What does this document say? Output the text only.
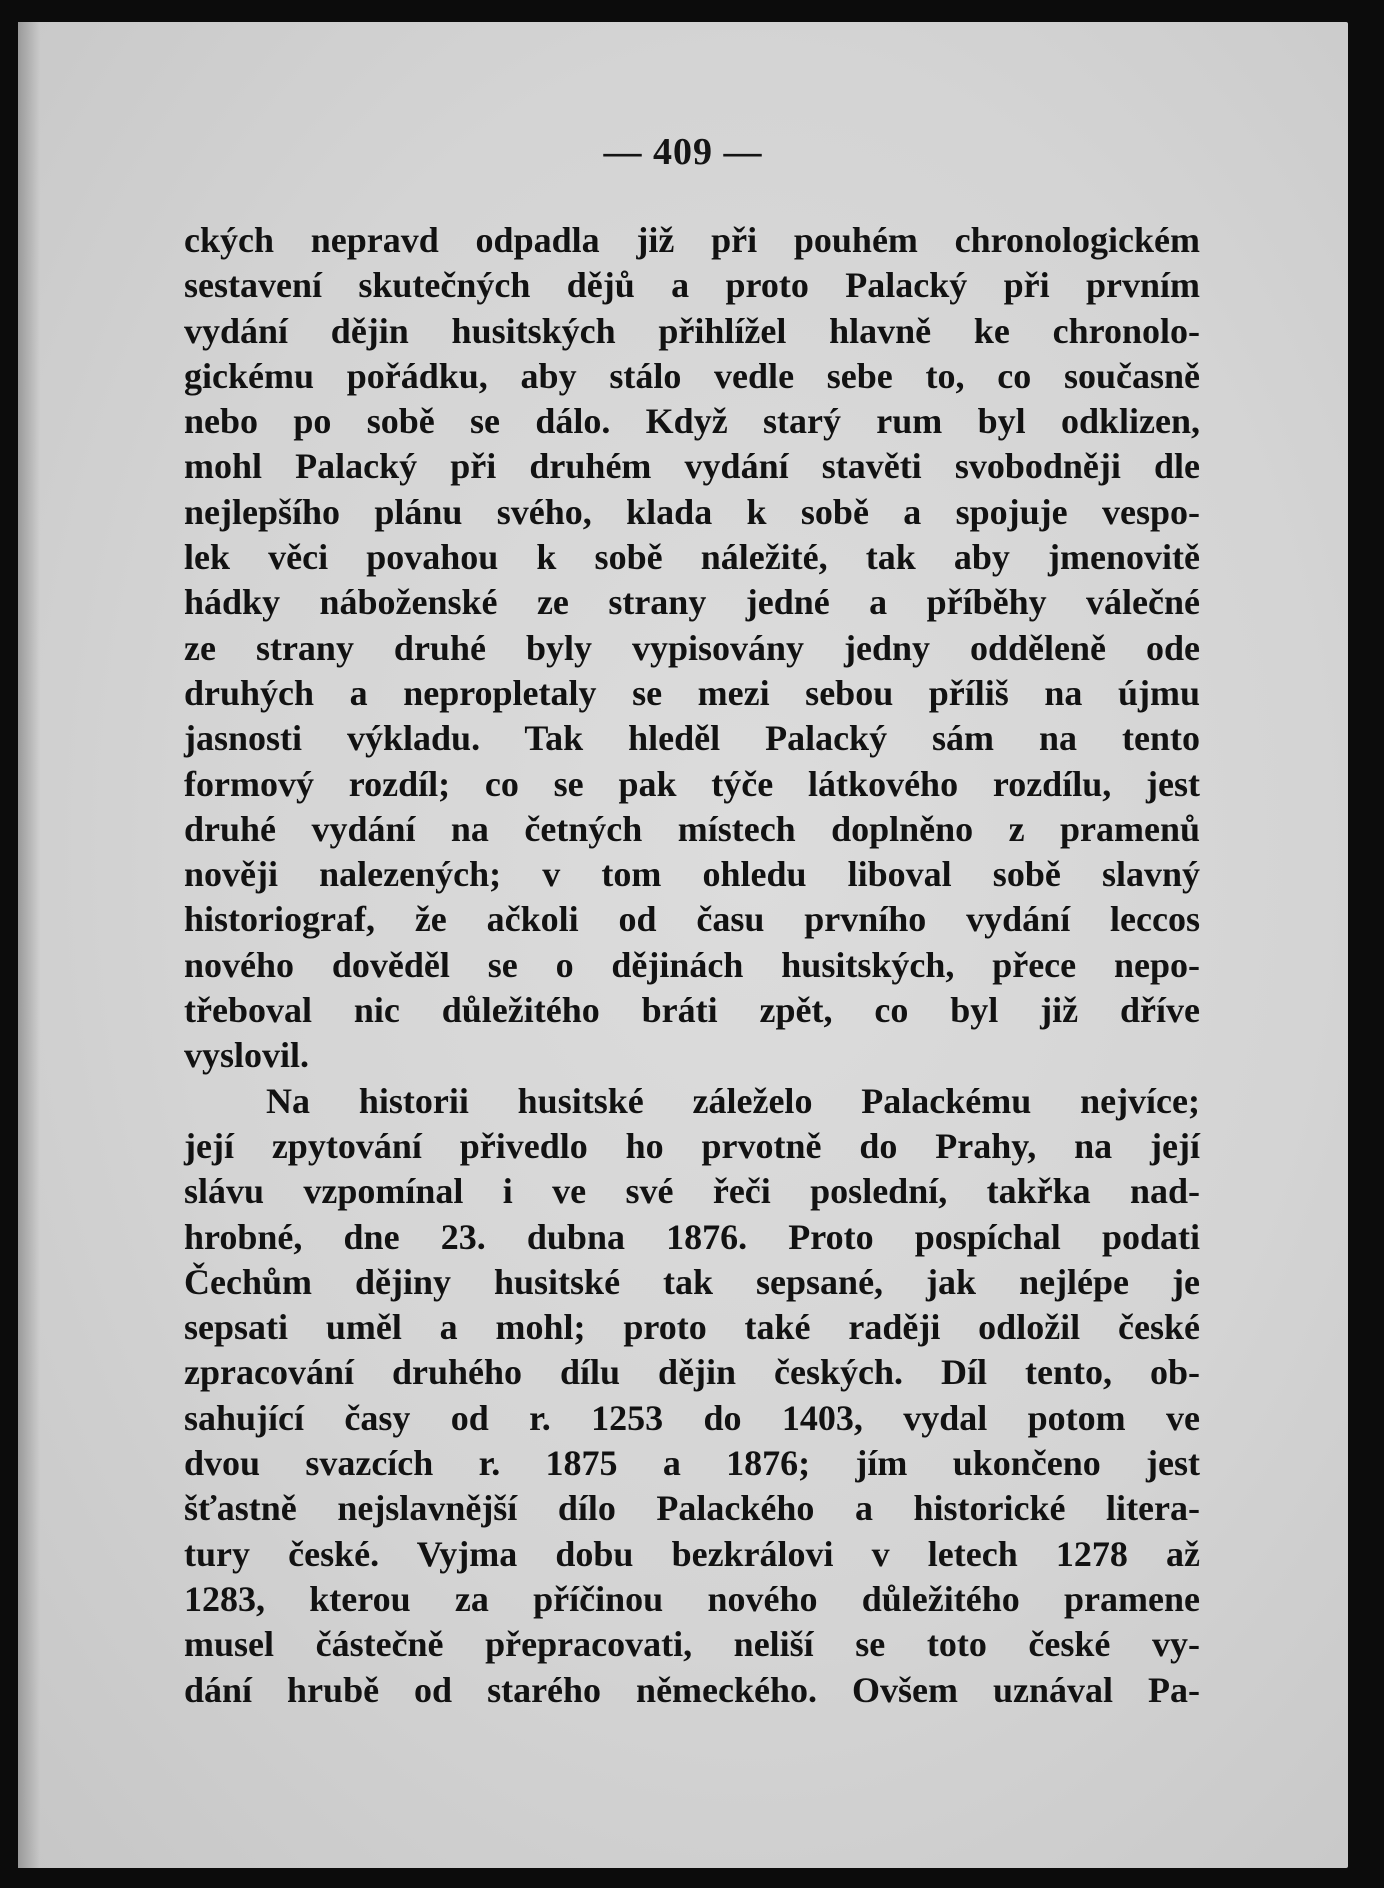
— 409 —
ckých nepravd odpadla již při pouhém chronologickém
sestavení skutečných dějů a proto Palacký při prvním
vydání dějin husitských přihlížel hlavně ke chronolo-
gickému pořádku, aby stálo vedle sebe to, co současně
nebo po sobě se dálo. Když starý rum byl odklizen,
mohl Palacký při druhém vydání stavěti svobodněji dle
nejlepšího plánu svého, klada k sobě a spojuje vespo-
lek věci povahou k sobě náležité, tak aby jmenovitě
hádky náboženské ze strany jedné a příběhy válečné
ze strany druhé byly vypisovány jedny odděleně ode
druhých a nepropletaly se mezi sebou příliš na újmu
jasnosti výkladu. Tak hleděl Palacký sám na tento
formový rozdíl; co se pak týče látkového rozdílu, jest
druhé vydání na četných místech doplněno z pramenů
nověji nalezených; v tom ohledu liboval sobě slavný
historiograf, že ačkoli od času prvního vydání leccos
nového dověděl se o dějinách husitských, přece nepo-
třeboval nic důležitého bráti zpět, co byl již dříve
vyslovil.
Na historii husitské záleželo Palackému nejvíce;
její zpytování přivedlo ho prvotně do Prahy, na její
slávu vzpomínal i ve své řeči poslední, takřka nad-
hrobné, dne 23. dubna 1876. Proto pospíchal podati
Čechům dějiny husitské tak sepsané, jak nejlépe je
sepsati uměl a mohl; proto také raději odložil české
zpracování druhého dílu dějin českých. Díl tento, ob-
sahující časy od r. 1253 do 1403, vydal potom ve
dvou svazcích r. 1875 a 1876; jím ukončeno jest
šťastně nejslavnější dílo Palackého a historické litera-
tury české. Vyjma dobu bezkrálovi v letech 1278 až
1283, kterou za příčinou nového důležitého pramene
musel částečně přepracovati, neliší se toto české vy-
dání hrubě od starého německého. Ovšem uznával Pa-
